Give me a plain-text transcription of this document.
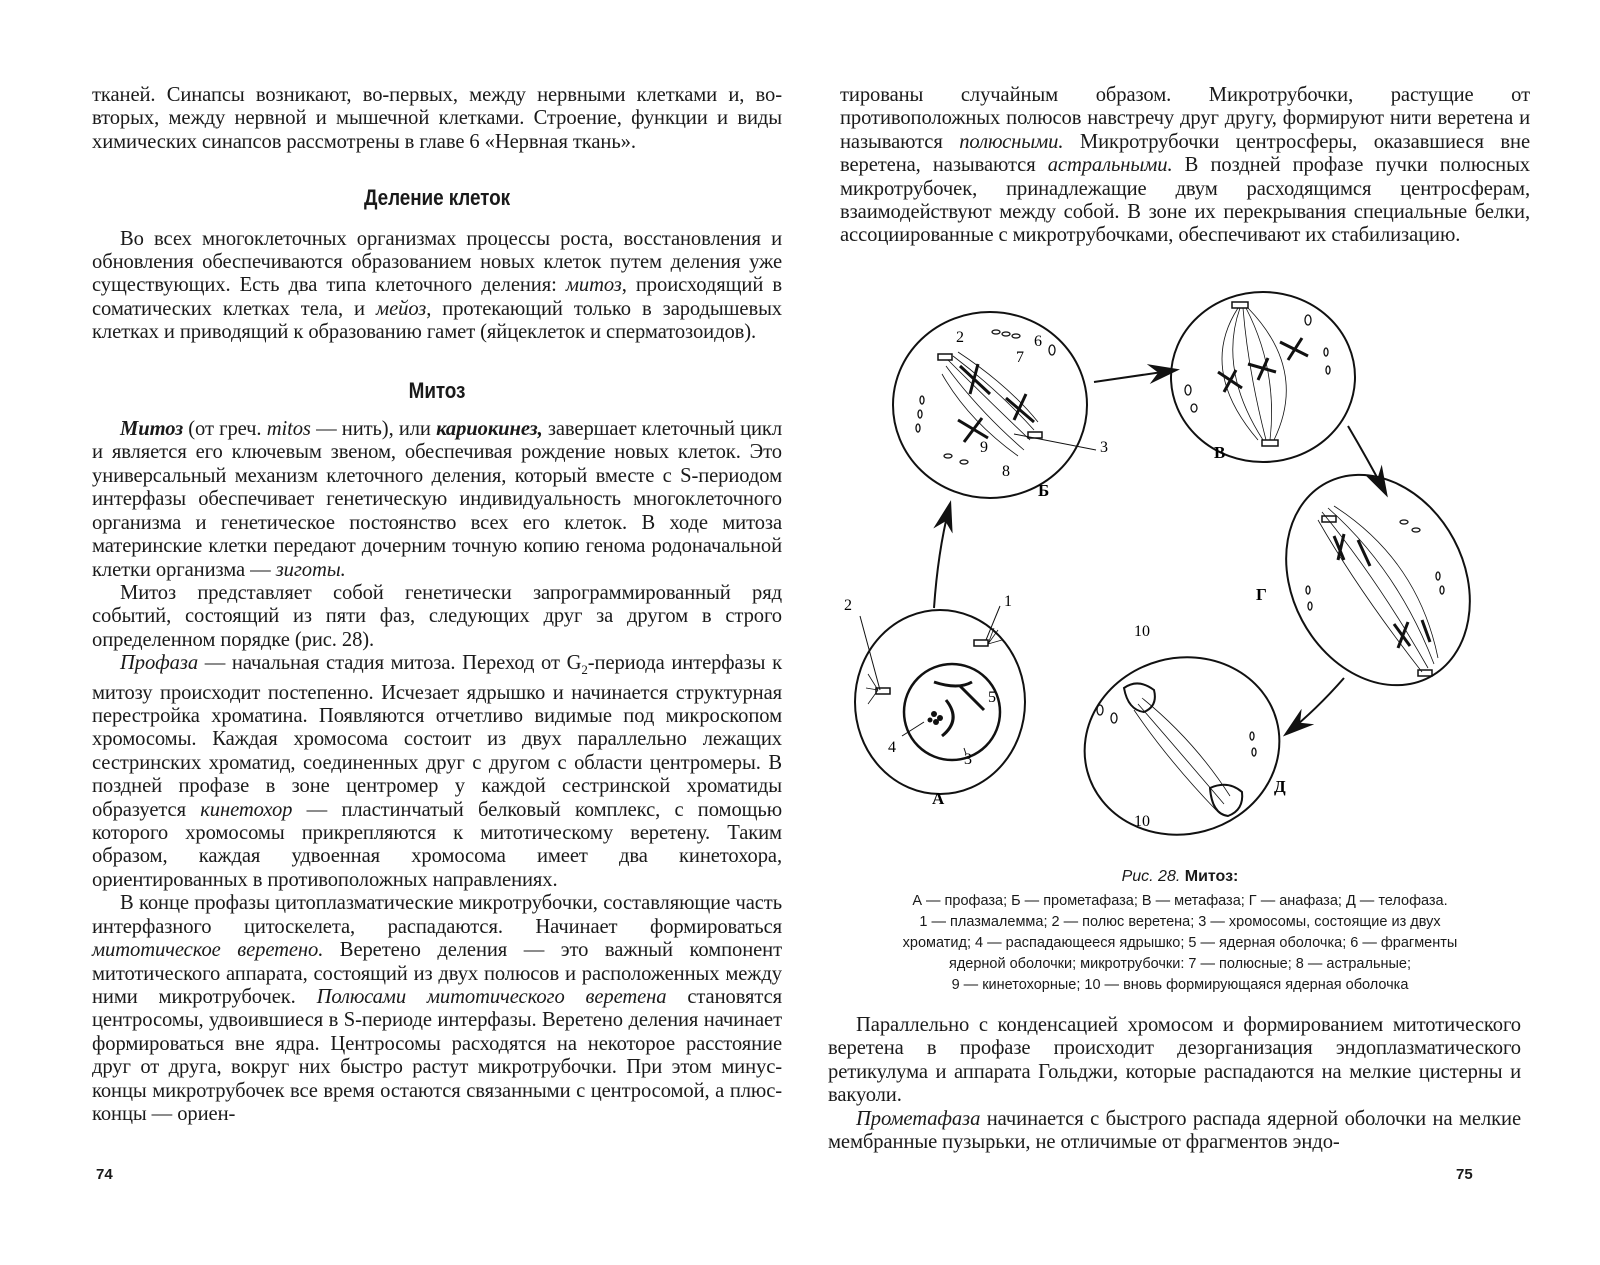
тканей. Синапсы возникают, во-первых, между нервными клетками и, во-вторых, между нервной и мышечной клетками. Строение, функции и виды химических синапсов рассмотрены в главе 6 «Нервная ткань».

Деление клеток

Во всех многоклеточных организмах процессы роста, восстановления и обновления обеспечиваются образованием новых клеток путем деления уже существующих. Есть два типа клеточного деления: митоз, происходящий в соматических клетках тела, и мейоз, протекающий только в зародышевых клетках и приводящий к образованию гамет (яйцеклеток и сперматозоидов).

Митоз

Митоз (от греч. mitos — нить), или кариокинез, завершает клеточный цикл и является его ключевым звеном, обеспечивая рождение новых клеток. Это универсальный механизм клеточного деления, который вместе с S-периодом интерфазы обеспечивает генетическую индивидуальность многоклеточного организма и генетическое постоянство всех его клеток. В ходе митоза материнские клетки передают дочерним точную копию генома родоначальной клетки организма — зиготы.

Митоз представляет собой генетически запрограммированный ряд событий, состоящий из пяти фаз, следующих друг за другом в строго определенном порядке (рис. 28).

Профаза — начальная стадия митоза. Переход от $G_2$-периода интерфазы к митозу происходит постепенно. Исчезает ядрышко и начинается структурная перестройка хроматина. Появляются отчетливо видимые под микроскопом хромосомы. Каждая хромосома состоит из двух параллельно лежащих сестринских хроматид, соединенных друг с другом с области центромеры. В поздней профазе в зоне центромер у каждой сестринской хроматиды образуется кинетохор — пластинчатый белковый комплекс, с помощью которого хромосомы прикрепляются к митотическому веретену. Таким образом, каждая удвоенная хромосома имеет два кинетохора, ориентированных в противоположных направлениях.

В конце профазы цитоплазматические микротрубочки, составляющие часть интерфазного цитоскелета, распадаются. Начинает формироваться митотическое веретено. Веретено деления — это важный компонент митотического аппарата, состоящий из двух полюсов и расположенных между ними микротрубочек. Полюсами митотического веретена становятся центросомы, удвоившиеся в S-периоде интерфазы. Веретено деления начинает формироваться вне ядра. Центросомы расходятся на некоторое расстояние друг от друга, вокруг них быстро растут микротрубочки. При этом минус-концы микротрубочек все время остаются связанными с центросомой, а плюс-концы — ориен-

74

тированы случайным образом. Микротрубочки, растущие от противоположных полюсов навстречу друг другу, формируют нити веретена и называются полюсными. Микротрубочки центросферы, оказавшиеся вне веретена, называются астральными. В поздней профазе пучки полюсных микротрубочек, принадлежащие двум расходящимся центросферам, взаимодействуют между собой. В зоне их перекрывания специальные белки, ассоциированные с микротрубочками, обеспечивают их стабилизацию.

А
Б
В
Г
Д
1
2
3
4
5
2	6
7
9
8
3
10
10
Рис. 28. Митоз:
А — профаза; Б — прометафаза; В — метафаза; Г — анафаза; Д — телофаза.
1 — плазмалемма; 2 — полюс веретена; 3 — хромосомы, состоящие из двух
хроматид; 4 — распадающееся ядрышко; 5 — ядерная оболочка; 6 — фрагменты
ядерной оболочки; микротрубочки: 7 — полюсные; 8 — астральные;
9 — кинетохорные; 10 — вновь формирующаяся ядерная оболочка

Параллельно с конденсацией хромосом и формированием митотического веретена в профазе происходит дезорганизация эндоплазматического ретикулума и аппарата Гольджи, которые распадаются на мелкие цистерны и вакуоли.

Прометафаза начинается с быстрого распада ядерной оболочки на мелкие мембранные пузырьки, не отличимые от фрагментов эндо-

75
